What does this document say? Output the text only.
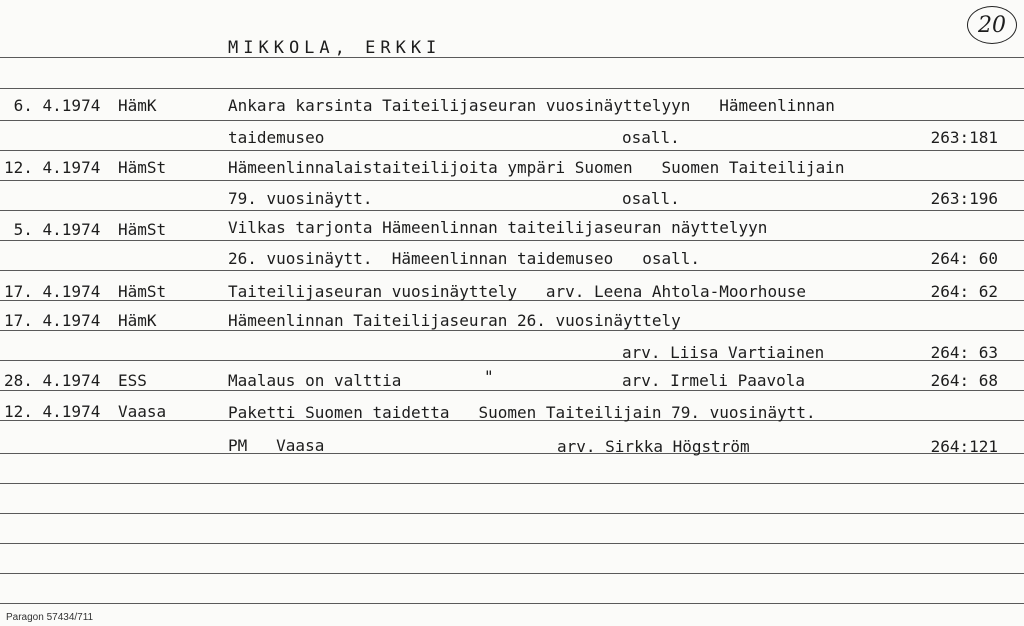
MIKKOLA, ERKKI
20
6. 4.1974 HämK	Ankara karsinta Taiteilijaseuran vuosinäyttelyyn   Hämeenlinnan
taidemuseo	osall.	263:181
12. 4.1974 HämSt	Hämeenlinnalaistaiteilijoita ympäri Suomen   Suomen Taiteilijain
79. vuosinäytt.	osall.	263:196
5. 4.1974 HämSt	Vilkas tarjonta Hämeenlinnan taiteilijaseuran näyttelyyn
26. vuosinäytt.  Hämeenlinnan taidemuseo   osall.	264: 60
17. 4.1974 HämSt	Taiteilijaseuran vuosinäyttely   arv. Leena Ahtola-Moorhouse	264: 62
17. 4.1974 HämK	Hämeenlinnan Taiteilijaseuran 26. vuosinäyttely
arv. Liisa Vartiainen	264: 63
28. 4.1974 ESS	Maalaus on valttia	"	arv. Irmeli Paavola	264: 68
12. 4.1974 Vaasa	Paketti Suomen taidetta   Suomen Taiteilijain 79. vuosinäytt.
PM   Vaasa	arv. Sirkka Högström	264:121
Paragon 57434/711
